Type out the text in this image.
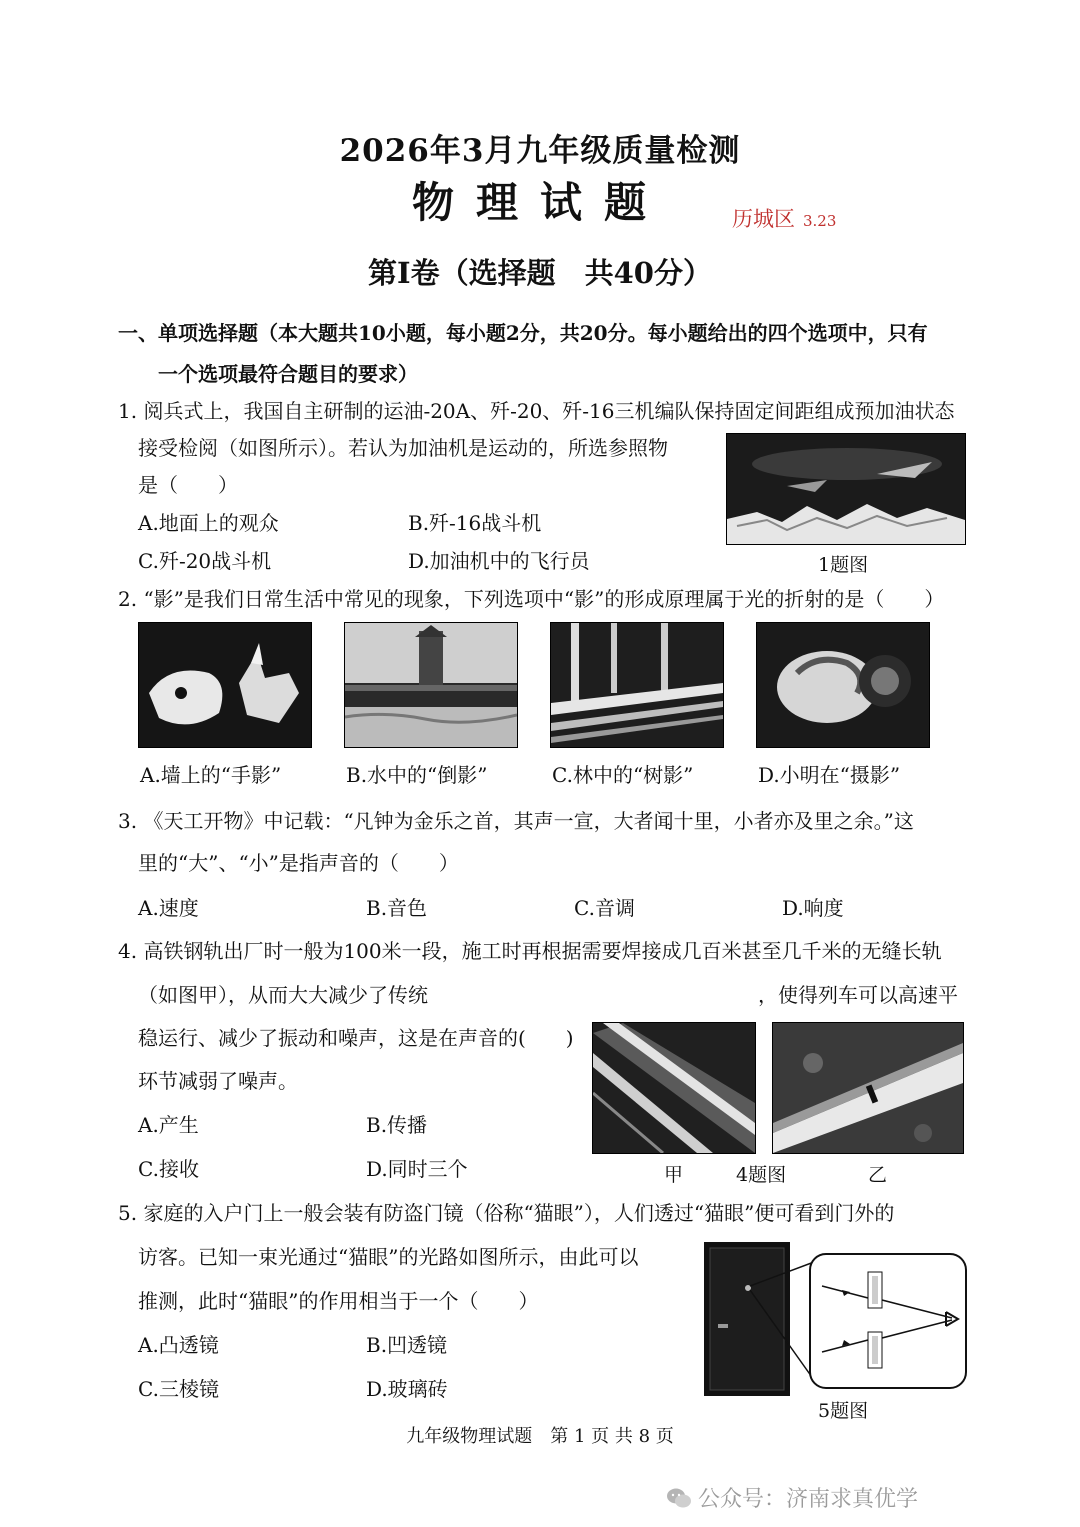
2026年3月九年级质量检测
物理试题	历城区 3.23
第Ⅰ卷（选择题　共40分）
一、单项选择题（本大题共10小题，每小题2分，共20分。每小题给出的四个选项中，只有
一个选项最符合题目的要求）
1. 阅兵式上，我国自主研制的运油-20A、歼-20、歼-16三机编队保持固定间距组成预加油状态
接受检阅（如图所示）。若认为加油机是运动的，所选参照物
是（　　）
A.地面上的观众	B.歼-16战斗机
C.歼-20战斗机	D.加油机中的飞行员	1题图
2. “影”是我们日常生活中常见的现象，下列选项中“影”的形成原理属于光的折射的是（　　）
A.墙上的“手影”	B.水中的“倒影”	C.林中的“树影”	D.小明在“摄影”
3. 《天工开物》中记载：“凡钟为金乐之首，其声一宣，大者闻十里，小者亦及里之余。”这
里的“大”、“小”是指声音的（　　）
A.速度	B.音色	C.音调	D.响度
4. 高铁钢轨出厂时一般为100米一段，施工时再根据需要焊接成几百米甚至几千米的无缝长轨
（如图甲），从而大大减少了传统	，使得列车可以高速平
稳运行、减少了振动和噪声，这是在声音的(　　)
环节减弱了噪声。
A.产生	B.传播
C.接收	D.同时三个	甲	4题图	乙
5. 家庭的入户门上一般会装有防盗门镜（俗称“猫眼”），人们透过“猫眼”便可看到门外的
访客。已知一束光通过“猫眼”的光路如图所示，由此可以
推测，此时“猫眼”的作用相当于一个（　　）
A.凸透镜	B.凹透镜
C.三棱镜	D.玻璃砖
5题图
九年级物理试题　第 1 页 共 8 页
公众号：济南求真优学
